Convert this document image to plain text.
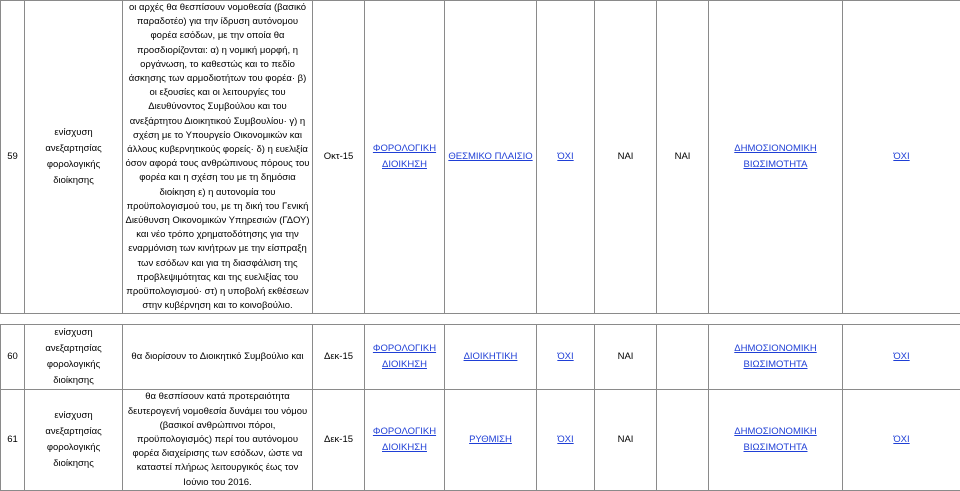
59	ενίσχυση ανεξαρτησίας φορολογικής διοίκησης	οι αρχές θα θεσπίσουν νομοθεσία (βασικό παραδοτέο) για την ίδρυση αυτόνομου φορέα εσόδων, με την οποία θα προσδιορίζονται: α) η νομική μορφή, η οργάνωση, το καθεστώς και το πεδίο άσκησης των αρμοδιοτήτων του φορέα· β) οι εξουσίες και οι λειτουργίες του Διευθύνοντος Συμβούλου και του ανεξάρτητου Διοικητικού Συμβουλίου· γ) η σχέση με το Υπουργείο Οικονομικών και άλλους κυβερνητικούς φορείς· δ) η ευελιξία όσον αφορά τους ανθρώπινους πόρους του φορέα και η σχέση του με τη δημόσια διοίκηση ε) η αυτονομία του προϋπολογισμού του, με τη δική του Γενική Διεύθυνση Οικονομικών Υπηρεσιών (ΓΔΟΥ) και νέο τρόπο χρηματοδότησης για την εναρμόνιση των κινήτρων με την είσπραξη των εσόδων και για τη διασφάλιση της προβλεψιμότητας και της ευελιξίας του προϋπολογισμού· στ) η υποβολή εκθέσεων στην κυβέρνηση και το κοινοβούλιο.	Οκτ-15	ΦΟΡΟΛΟΓΙΚΗ ΔΙΟΙΚΗΣΗ	ΘΕΣΜΙΚΟ ΠΛΑΙΣΙΟ	ΌΧΙ	ΝΑΙ	ΝΑΙ	ΔΗΜΟΣΙΟΝΟΜΙΚΗ ΒΙΩΣΙΜΟΤΗΤΑ	ΌΧΙ

60	ενίσχυση ανεξαρτησίας φορολογικής διοίκησης	θα διορίσουν το Διοικητικό Συμβούλιο και	Δεκ-15	ΦΟΡΟΛΟΓΙΚΗ ΔΙΟΙΚΗΣΗ	ΔΙΟΙΚΗΤΙΚΗ	ΌΧΙ	ΝΑΙ		ΔΗΜΟΣΙΟΝΟΜΙΚΗ ΒΙΩΣΙΜΟΤΗΤΑ	ΌΧΙ
61	ενίσχυση ανεξαρτησίας φορολογικής διοίκησης	θα θεσπίσουν κατά προτεραιότητα δευτερογενή νομοθεσία δυνάμει του νόμου (βασικοί ανθρώπινοι πόροι, προϋπολογισμός) περί του αυτόνομου φορέα διαχείρισης των εσόδων, ώστε να καταστεί πλήρως λειτουργικός έως τον Ιούνιο του 2016.	Δεκ-15	ΦΟΡΟΛΟΓΙΚΗ ΔΙΟΙΚΗΣΗ	ΡΥΘΜΙΣΗ	ΌΧΙ	ΝΑΙ		ΔΗΜΟΣΙΟΝΟΜΙΚΗ ΒΙΩΣΙΜΟΤΗΤΑ	ΌΧΙ
